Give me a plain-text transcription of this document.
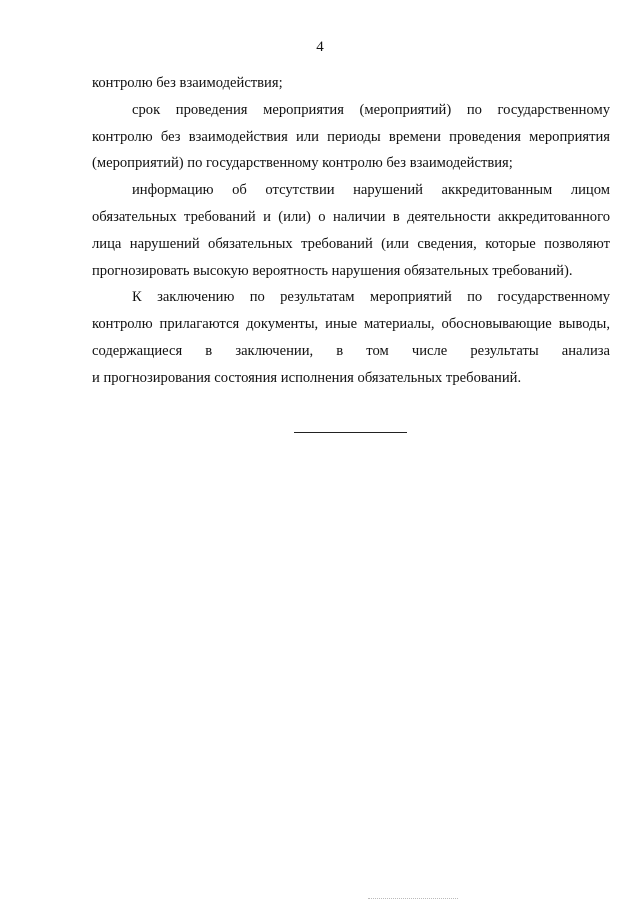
4

контролю без взаимодействия;

срок проведения мероприятия (мероприятий) по государственному контролю без взаимодействия или периоды времени проведения мероприятия (мероприятий) по государственному контролю без взаимодействия;

информацию об отсутствии нарушений аккредитованным лицом обязательных требований и (или) о наличии в деятельности аккредитованного лица нарушений обязательных требований (или сведения, которые позволяют прогнозировать высокую вероятность нарушения обязательных требований).

К заключению по результатам мероприятий по государственному
контролю прилагаются документы, иные материалы, обосновывающие выводы,
содержащиеся в заключении, в том числе результаты анализа
и прогнозирования состояния исполнения обязательных требований.
